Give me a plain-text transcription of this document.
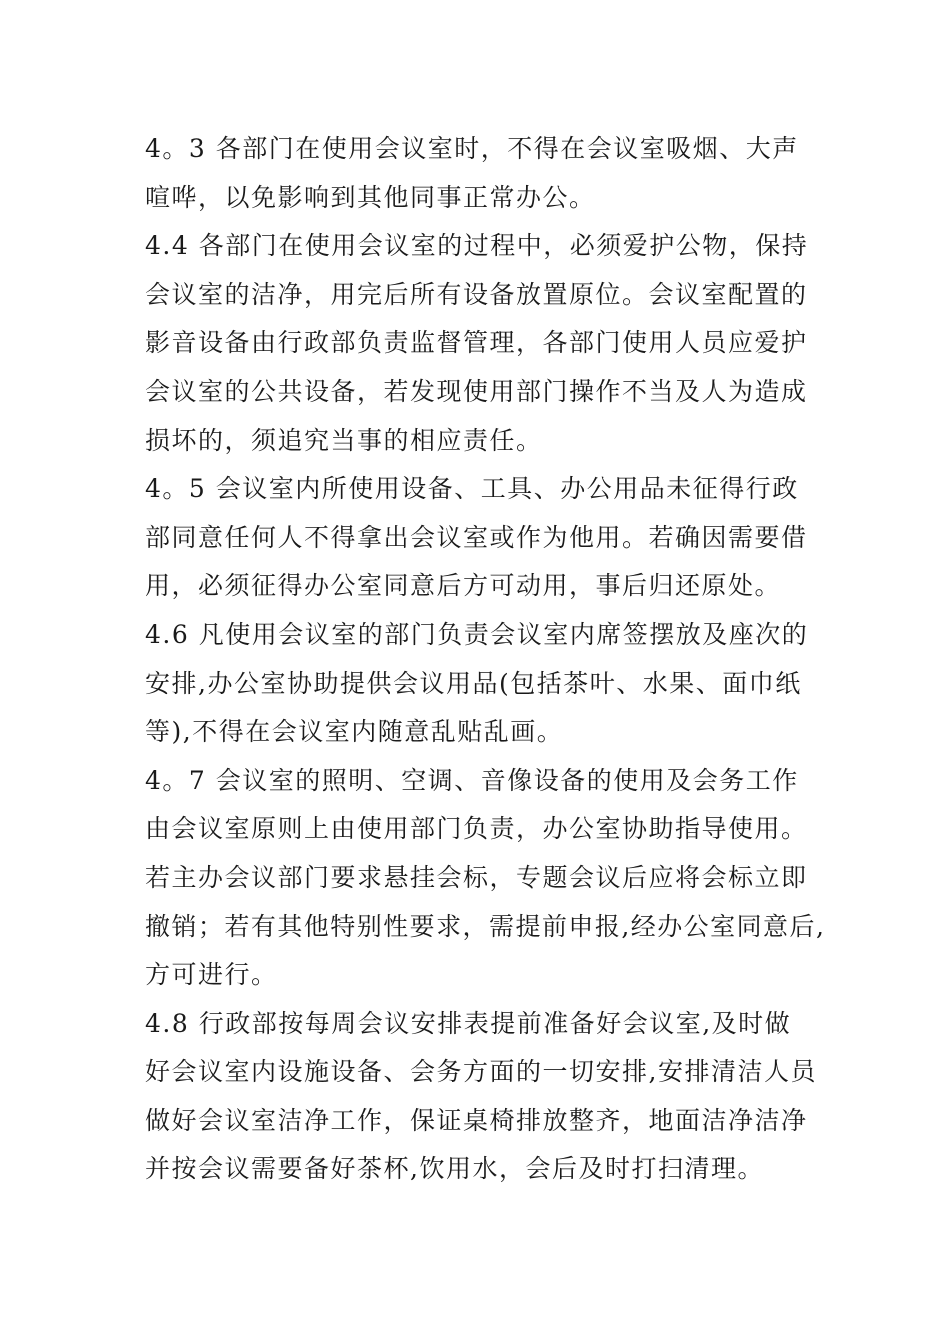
4。3 各部门在使用会议室时，不得在会议室吸烟、大声
喧哗，以免影响到其他同事正常办公。

4.4 各部门在使用会议室的过程中，必须爱护公物，保持
会议室的洁净，用完后所有设备放置原位。会议室配置的
影音设备由行政部负责监督管理，各部门使用人员应爱护
会议室的公共设备，若发现使用部门操作不当及人为造成
损坏的，须追究当事的相应责任。

4。5 会议室内所使用设备、工具、办公用品未征得行政
部同意任何人不得拿出会议室或作为他用。若确因需要借
用，必须征得办公室同意后方可动用，事后归还原处。

4.6 凡使用会议室的部门负责会议室内席签摆放及座次的
安排,办公室协助提供会议用品(包括茶叶、水果、面巾纸
等),不得在会议室内随意乱贴乱画。

4。7 会议室的照明、空调、音像设备的使用及会务工作
由会议室原则上由使用部门负责，办公室协助指导使用。
若主办会议部门要求悬挂会标，专题会议后应将会标立即
撤销；若有其他特别性要求，需提前申报,经办公室同意后,
方可进行。

4.8 行政部按每周会议安排表提前准备好会议室,及时做
好会议室内设施设备、会务方面的一切安排,安排清洁人员
做好会议室洁净工作，保证桌椅排放整齐，地面洁净洁净
并按会议需要备好茶杯,饮用水，会后及时打扫清理。
